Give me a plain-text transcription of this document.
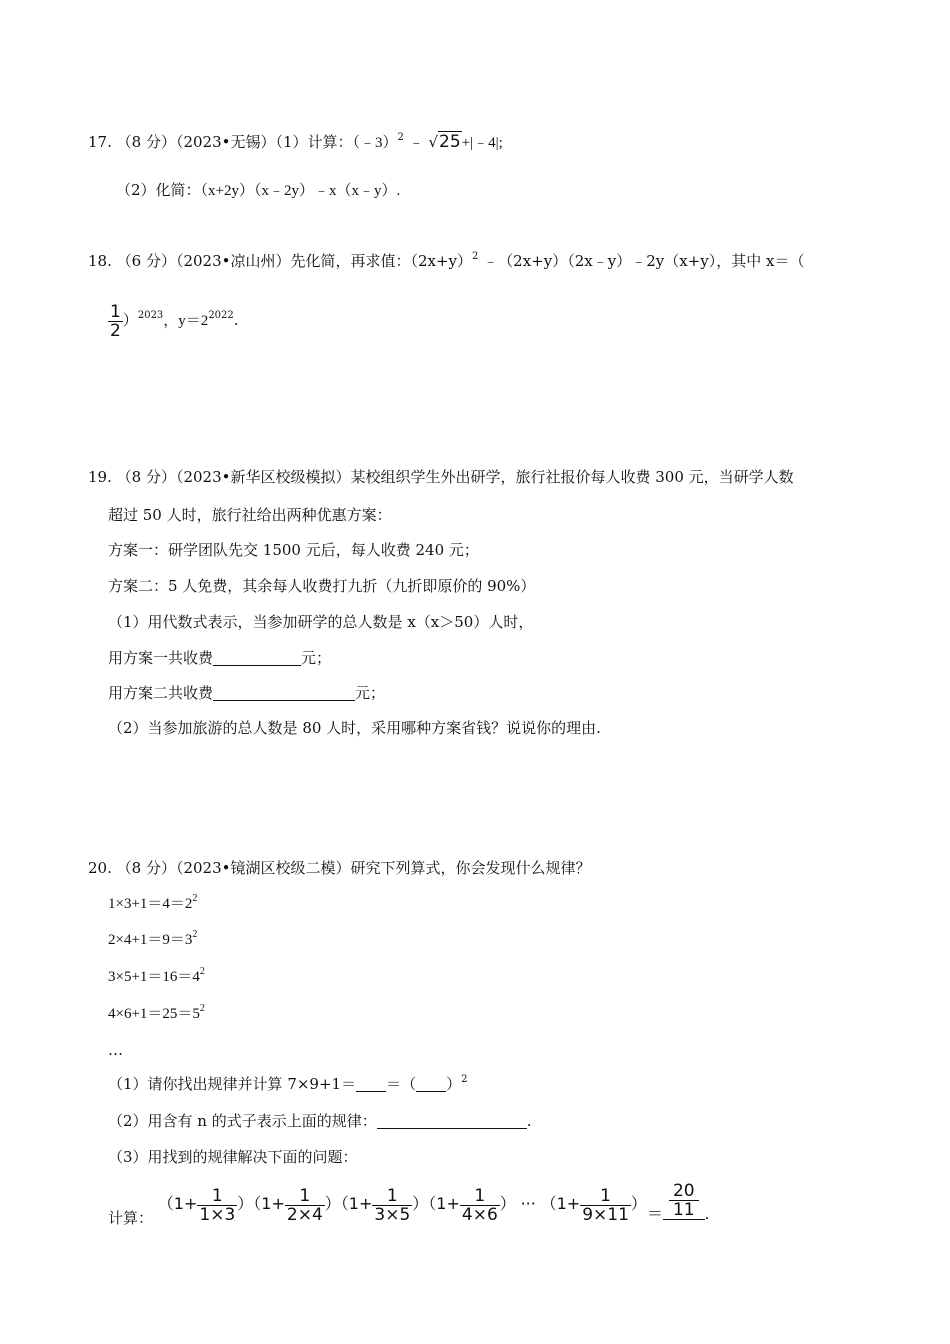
17. （8 分）（2023•无锡）（1）计算：（﹣3）$^2$ ﹣ √25+|﹣4|;
（2）化简：（x+2y）（x﹣2y）﹣x（x﹣y）.
18. （6 分）（2023•凉山州）先化简，再求值：$(2x+y)^2$ ﹣（2x+y）（2x﹣y）﹣2y（x+y），其中 x＝（
$\frac{1}{2} )^{2023}$，$y=2^{2022}$.
19. （8 分）（2023•新华区校级模拟）某校组织学生外出研学，旅行社报价每人收费 300 元，当研学人数
超过 50 人时，旅行社给出两种优惠方案：
方案一：研学团队先交 1500 元后，每人收费 240 元；
方案二：5 人免费，其余每人收费打九折（九折即原价的 90%）
（1）用代数式表示，当参加研学的总人数是 x（x＞50）人时，
用方案一共收费	元；
用方案二共收费	元；
（2）当参加旅游的总人数是 80 人时，采用哪种方案省钱？说说你的理由.
20. （8 分）（2023•镜湖区校级二模）研究下列算式，你会发现什么规律？
$1\times 3+1=4=2^2$
$2\times 4+1=9=3^2$
$3\times 5+1=16=4^2$
$4\times 6+1=25=5^2$
…
（1）请你找出规律并计算 7×9+1＝ ＝（ ）$^2$
（2）用含有 n 的式子表示上面的规律：	.
（3）用找到的规律解决下面的问题：
计算： $(1+ \frac{1}{1\times 3} )(1+ \frac{1}{2\times 4} )(1+ \frac{1}{3\times 5} )(1+ \frac{1}{4\times 6}$ ） ··· （$1+ \frac{1}{9\times 11}$ ）＝ $\frac{20}{11}$ .
